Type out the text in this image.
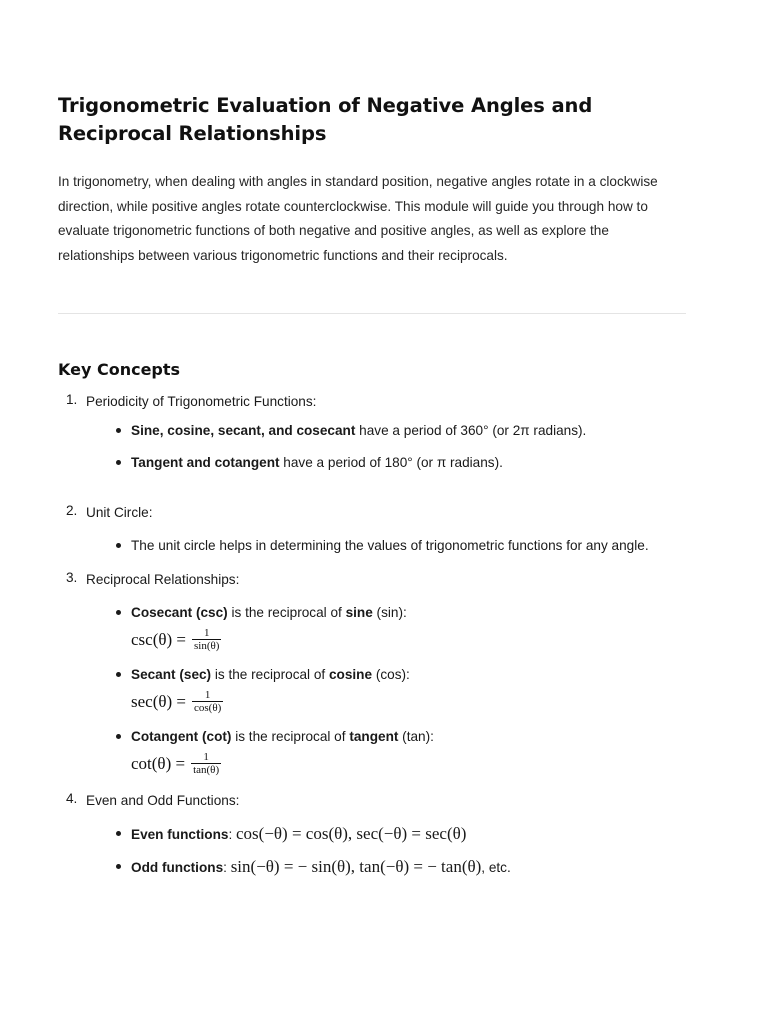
Trigonometric Evaluation of Negative Angles and Reciprocal Relationships

In trigonometry, when dealing with angles in standard position, negative angles rotate in a clockwise direction, while positive angles rotate counterclockwise. This module will guide you through how to evaluate trigonometric functions of both negative and positive angles, as well as explore the relationships between various trigonometric functions and their reciprocals.

Key Concepts
1. Periodicity of Trigonometric Functions:
Sine, cosine, secant, and cosecant have a period of 360° (or 2π radians).
Tangent and cotangent have a period of 180° (or π radians).
2. Unit Circle:
The unit circle helps in determining the values of trigonometric functions for any angle.
3. Reciprocal Relationships:
Cosecant (csc) is the reciprocal of sine (sin):
$\csc(\theta) = \frac{1}{\sin(\theta)}$
Secant (sec) is the reciprocal of cosine (cos):
$\sec(\theta) = \frac{1}{\cos(\theta)}$
Cotangent (cot) is the reciprocal of tangent (tan):
$\cot(\theta) = \frac{1}{\tan(\theta)}$
4. Even and Odd Functions:
Even functions: cos(−θ) = cos(θ), sec(−θ) = sec(θ)
Odd functions: sin(−θ) = − sin(θ), tan(−θ) = − tan(θ), etc.
